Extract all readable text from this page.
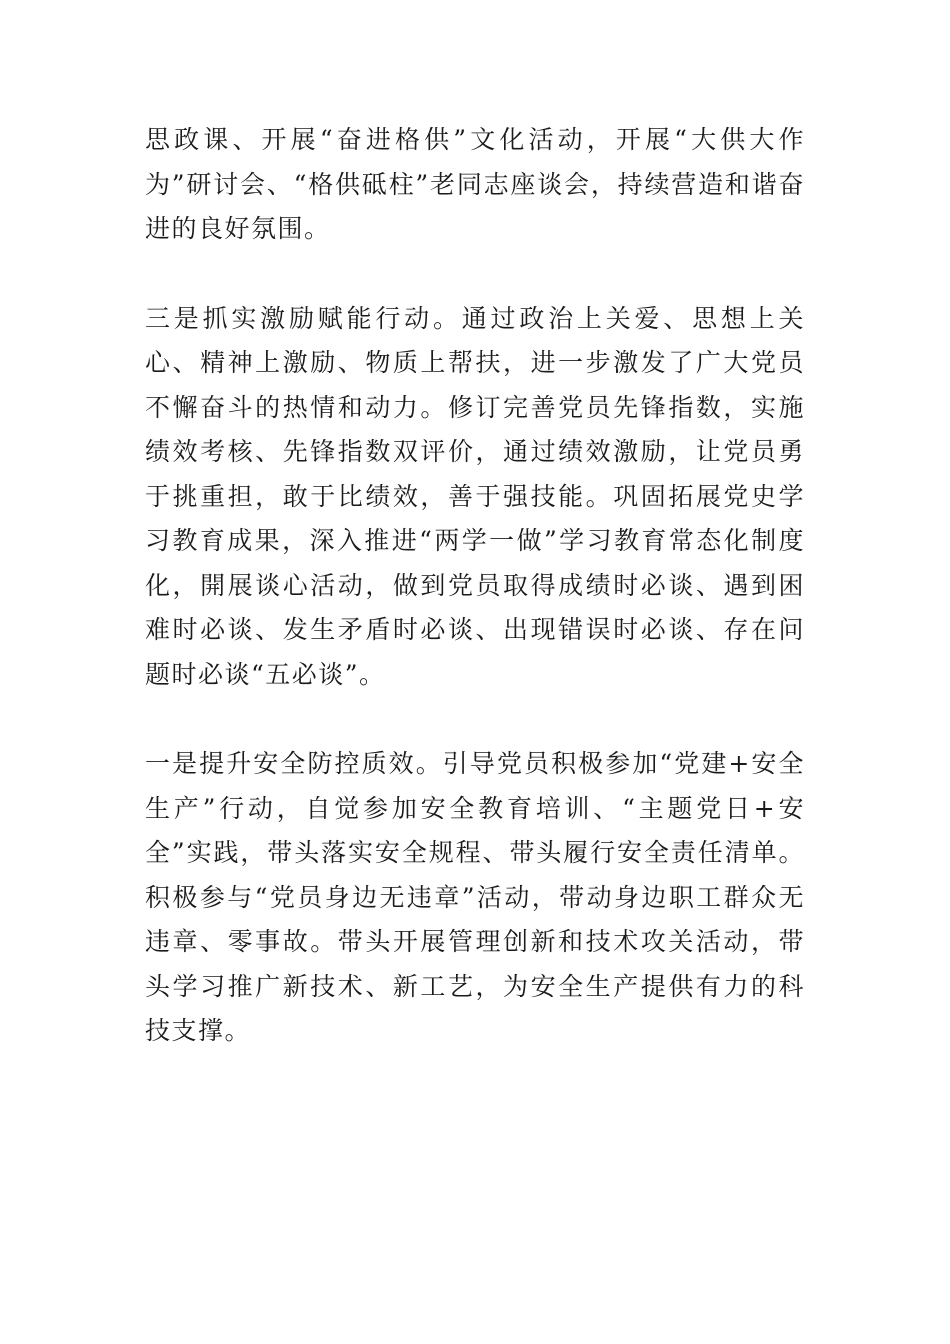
思政课、开展“奋进格供”文化活动，开展“大供大作为”研讨会、“格供砥柱”老同志座谈会，持续营造和谐奋进的良好氛围。

三是抓实激励赋能行动。通过政治上关爱、思想上关心、精神上激励、物质上帮扶，进一步激发了广大党员不懈奋斗的热情和动力。修订完善党员先锋指数，实施绩效考核、先锋指数双评价，通过绩效激励，让党员勇于挑重担，敢于比绩效，善于强技能。巩固拓展党史学习教育成果，深入推进“两学一做”学习教育常态化制度化，開展谈心活动，做到党员取得成绩时必谈、遇到困难时必谈、发生矛盾时必谈、出现错误时必谈、存在问题时必谈“五必谈”。

一是提升安全防控质效。引导党员积极参加“党建+安全生产”行动，自觉参加安全教育培训、“主题党日+安全”实践，带头落实安全规程、带头履行安全责任清单。积极参与“党员身边无违章”活动，带动身边职工群众无违章、零事故。带头开展管理创新和技术攻关活动，带头学习推广新技术、新工艺，为安全生产提供有力的科技支撑。
